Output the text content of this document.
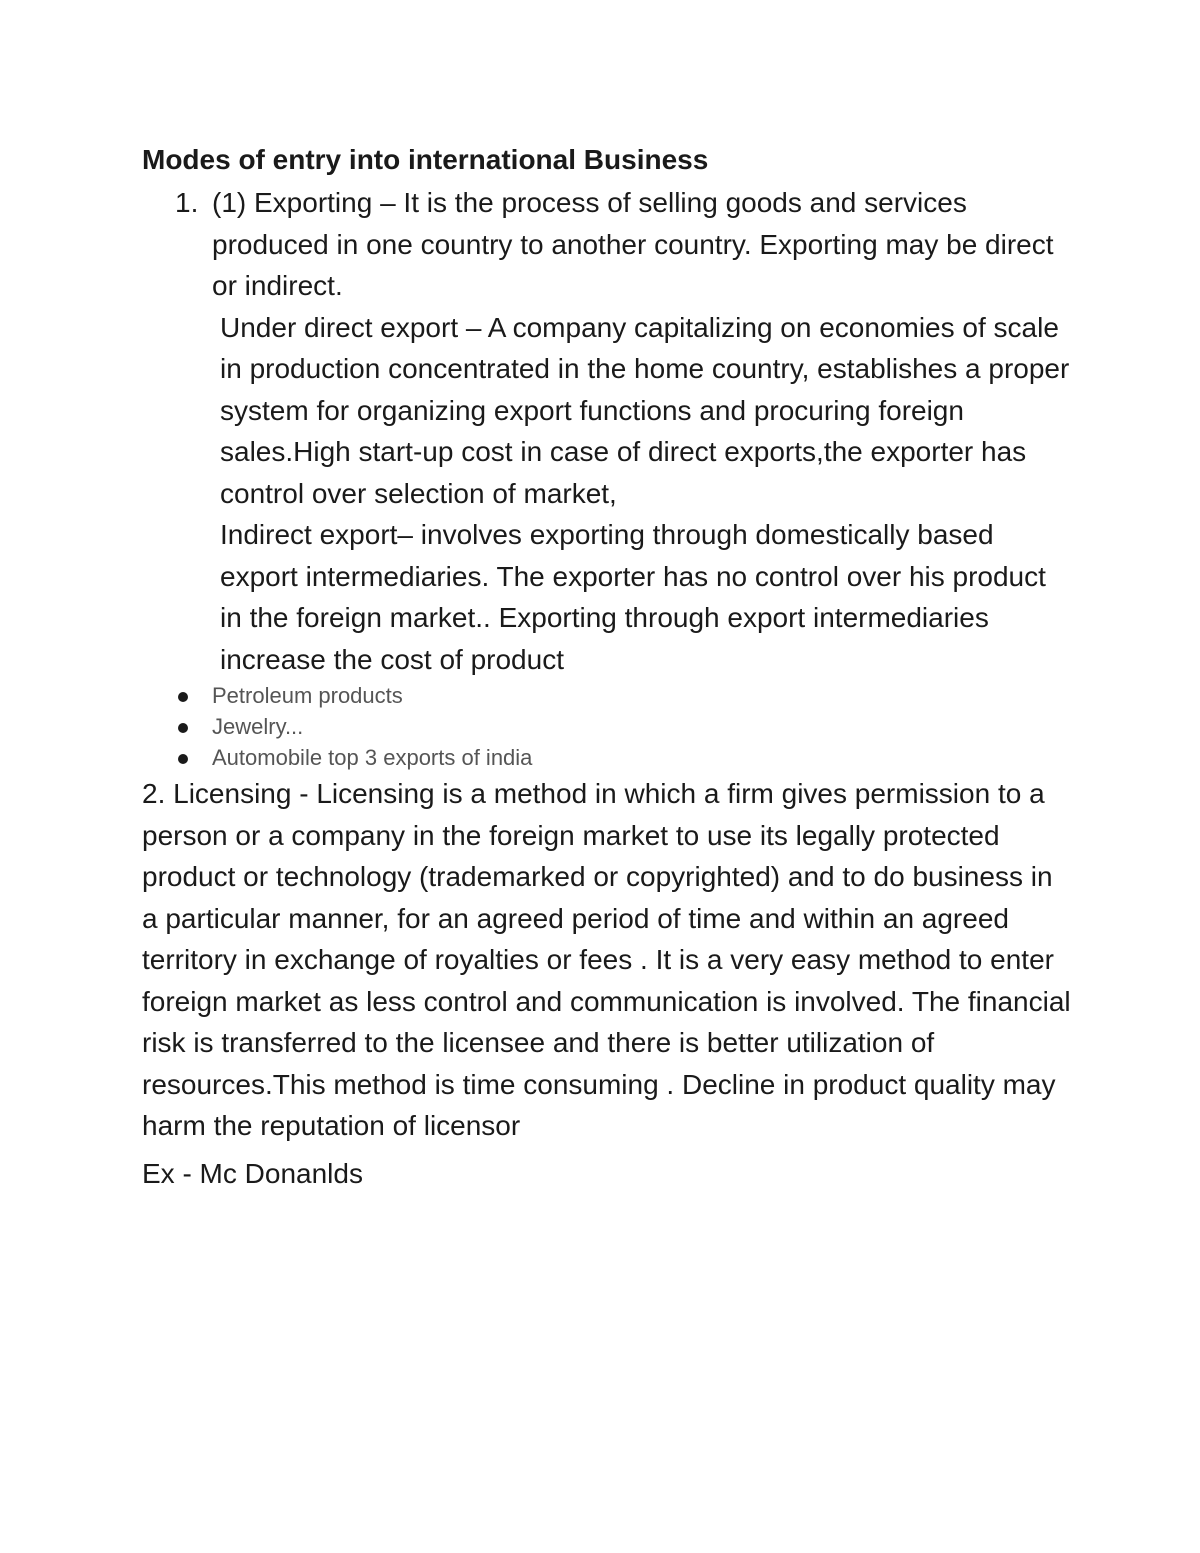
Modes of entry into international Business
1. (1) Exporting – It is the process of selling goods and services produced in one country to another country. Exporting may be direct or indirect.

Under direct export – A company capitalizing on economies of scale in production concentrated in the home country, establishes a proper system for organizing export functions and procuring foreign sales.High start-up cost in case of direct exports,the exporter has control over selection of market,

Indirect export– involves exporting through domestically based export intermediaries. The exporter has no control over his product in the foreign market.. Exporting through export intermediaries increase the cost of product

Petroleum products
Jewelry...
Automobile top 3 exports of india

2. Licensing - Licensing is a method in which a firm gives permission to a person or a company in the foreign market to use its legally protected product or technology (trademarked or copyrighted) and to do business in a particular manner, for an agreed period of time and within an agreed territory in exchange of royalties or fees . It is a very easy method to enter foreign market as less control and communication is involved. The financial risk is transferred to the licensee and there is better utilization of resources.This method is time consuming . Decline in product quality may harm the reputation of licensor

Ex - Mc Donanlds
